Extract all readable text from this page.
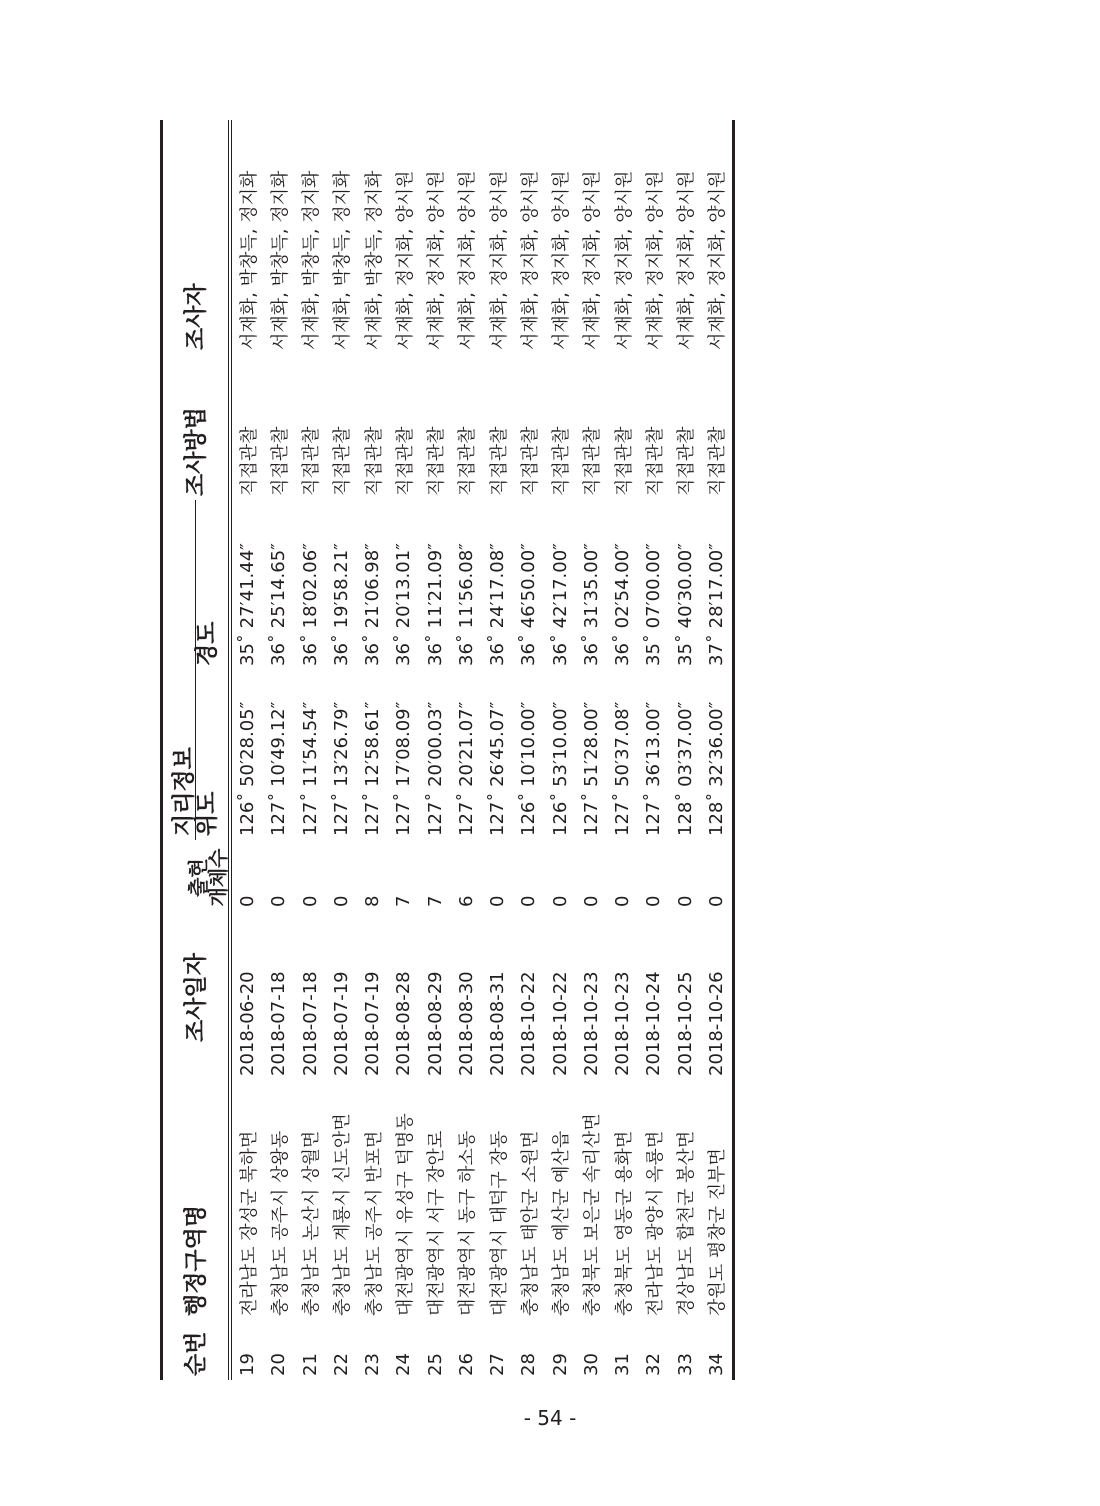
순번	행정구역명	조사일자	출현
개체수	지리정보		조사방법	조사자
				위도	경도		
19	전라남도 장성군 북하면	2018-06-20	0	126˚ 50′28.05″	35˚ 27′41.44″	직접관찰	서재화, 박창득, 정지화
20	충청남도 공주시 상왕동	2018-07-18	0	127˚ 10′49.12″	36˚ 25′14.65″	직접관찰	서재화, 박창득, 정지화
21	충청남도 논산시 상월면	2018-07-18	0	127˚ 11′54.54″	36˚ 18′02.06″	직접관찰	서재화, 박창득, 정지화
22	충청남도 계룡시 신도안면	2018-07-19	0	127˚ 13′26.79″	36˚ 19′58.21″	직접관찰	서재화, 박창득, 정지화
23	충청남도 공주시 반포면	2018-07-19	8	127˚ 12′58.61″	36˚ 21′06.98″	직접관찰	서재화, 박창득, 정지화
24	대전광역시 유성구 덕명동	2018-08-28	7	127˚ 17′08.09″	36˚ 20′13.01″	직접관찰	서재화, 정지화, 양시원
25	대전광역시 서구 장안로	2018-08-29	7	127˚ 20′00.03″	36˚ 11′21.09″	직접관찰	서재화, 정지화, 양시원
26	대전광역시 동구 하소동	2018-08-30	6	127˚ 20′21.07″	36˚ 11′56.08″	직접관찰	서재화, 정지화, 양시원
27	대전광역시 대덕구 장동	2018-08-31	0	127˚ 26′45.07″	36˚ 24′17.08″	직접관찰	서재화, 정지화, 양시원
28	충청남도 태안군 소원면	2018-10-22	0	126˚ 10′10.00″	36˚ 46′50.00″	직접관찰	서재화, 정지화, 양시원
29	충청남도 예산군 예산읍	2018-10-22	0	126˚ 53′10.00″	36˚ 42′17.00″	직접관찰	서재화, 정지화, 양시원
30	충청북도 보은군 속리산면	2018-10-23	0	127˚ 51′28.00″	36˚ 31′35.00″	직접관찰	서재화, 정지화, 양시원
31	충청북도 영동군 용화면	2018-10-23	0	127˚ 50′37.08″	36˚ 02′54.00″	직접관찰	서재화, 정지화, 양시원
32	전라남도 광양시 옥룡면	2018-10-24	0	127˚ 36′13.00″	35˚ 07′00.00″	직접관찰	서재화, 정지화, 양시원
33	경상남도 합천군 봉산면	2018-10-25	0	128˚ 03′37.00″	35˚ 40′30.00″	직접관찰	서재화, 정지화, 양시원
34	강원도 평창군 진부면	2018-10-26	0	128˚ 32′36.00″	37˚ 28′17.00″	직접관찰	서재화, 정지화, 양시원
- 54 -
